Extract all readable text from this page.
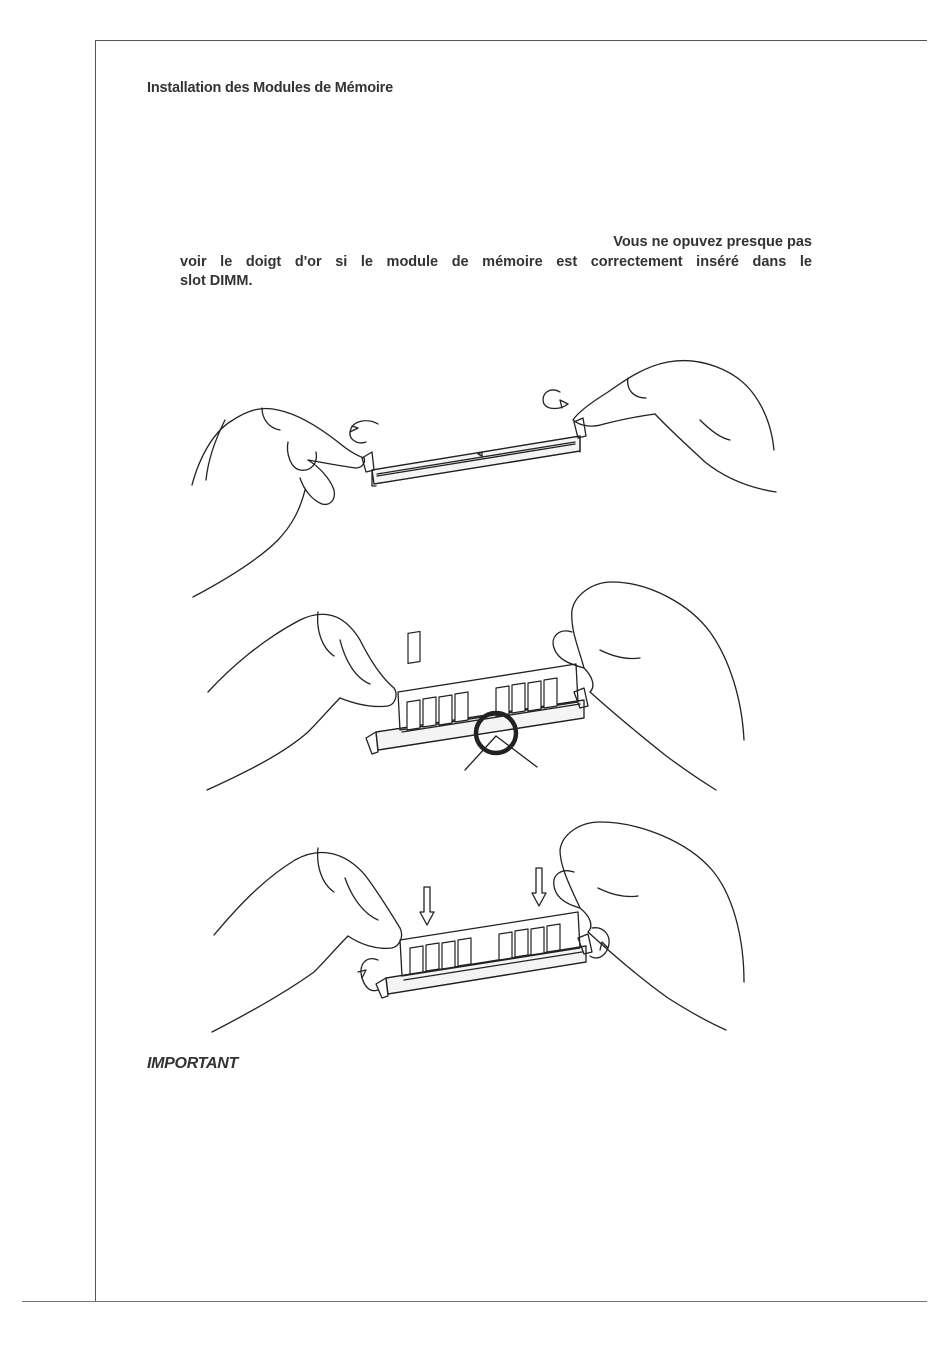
Installation des Modules de Mémoire

Vous ne opuvez presque pas
voir le doigt d'or si le module de mémoire est correctement inséré dans le
slot DIMM.

IMPORTANT
